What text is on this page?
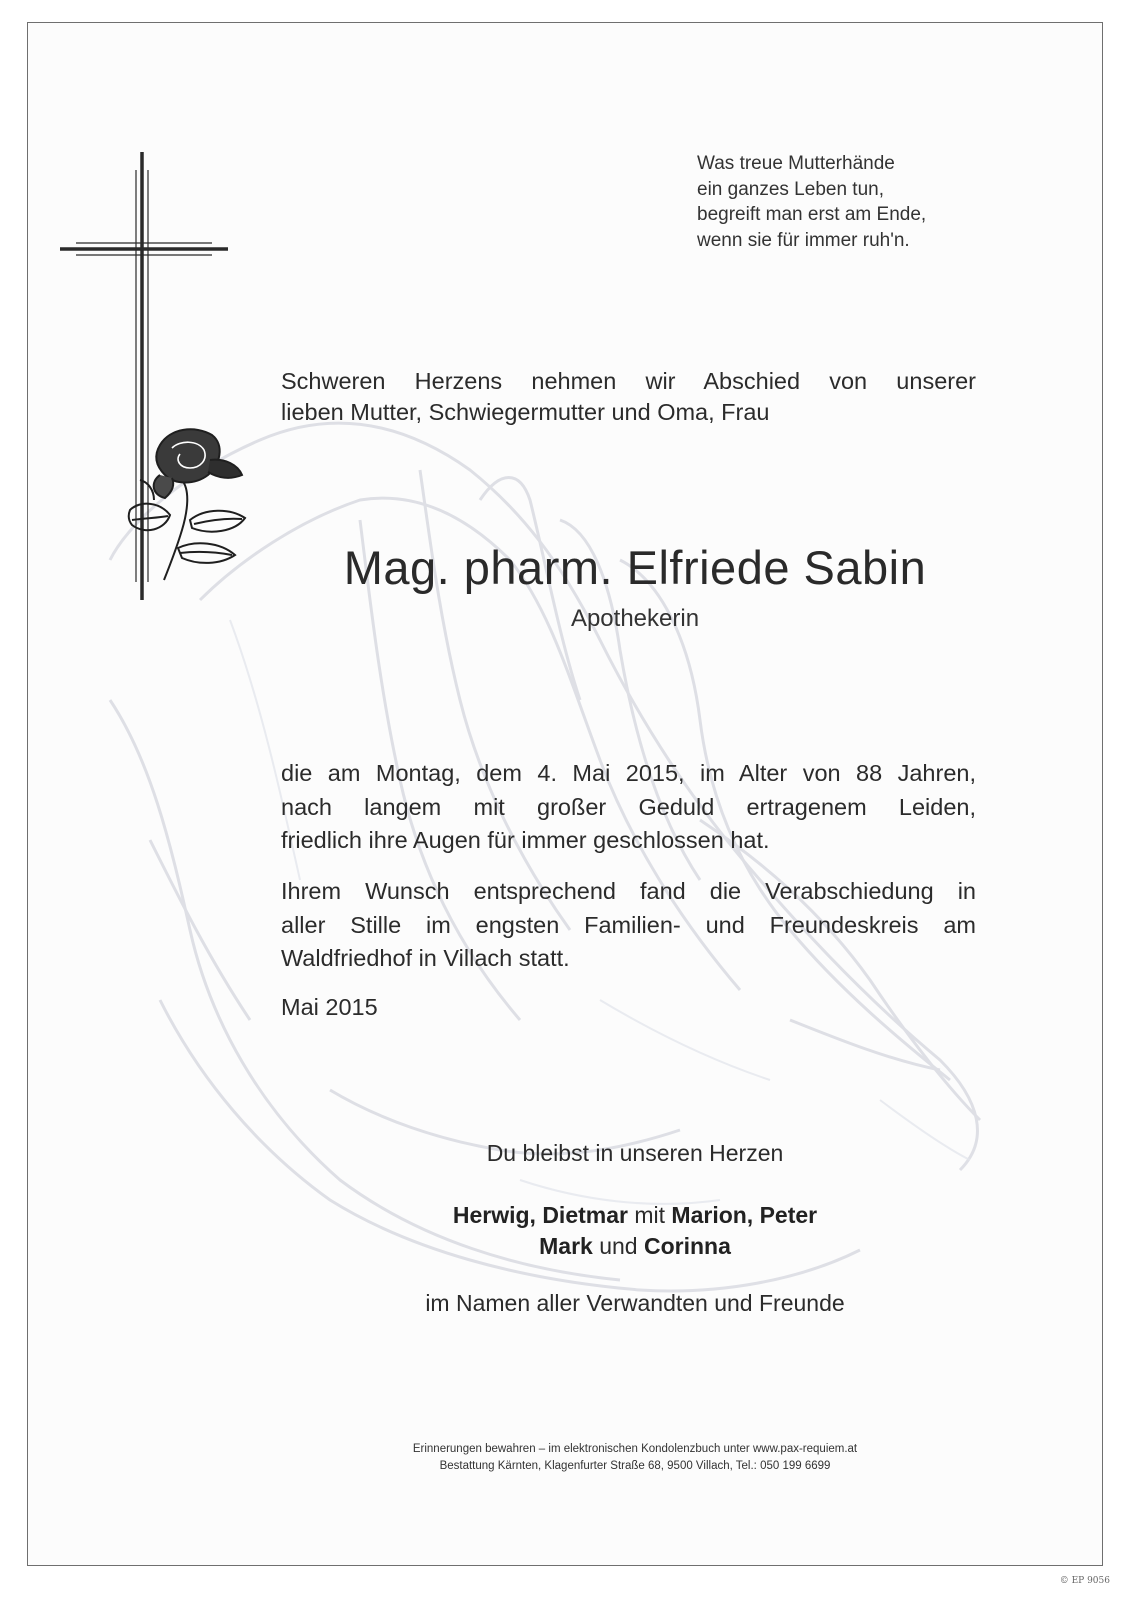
Was treue Mutterhände
ein ganzes Leben tun,
begreift man erst am Ende,
wenn sie für immer ruh'n.
Schweren Herzens nehmen wir Abschied von unserer
lieben Mutter, Schwiegermutter und Oma, Frau
Mag. pharm. Elfriede Sabin
Apothekerin
die am Montag, dem 4. Mai 2015, im Alter von 88 Jahren,
nach langem mit großer Geduld ertragenem Leiden,
friedlich ihre Augen für immer geschlossen hat.
Ihrem Wunsch entsprechend fand die Verabschiedung in
aller Stille im engsten Familien- und Freundeskreis am
Waldfriedhof in Villach statt.
Mai 2015
Du bleibst in unseren Herzen
Herwig, Dietmar mit Marion, Peter
Mark und Corinna
im Namen aller Verwandten und Freunde
Erinnerungen bewahren – im elektronischen Kondolenzbuch unter www.pax-requiem.at
Bestattung Kärnten, Klagenfurter Straße 68, 9500 Villach, Tel.: 050 199 6699
© EP 9056
